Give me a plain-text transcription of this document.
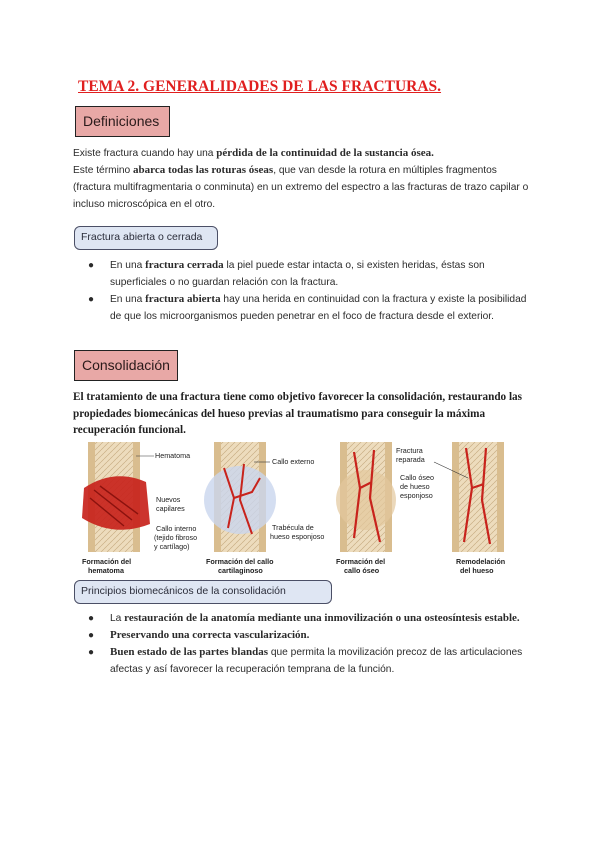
TEMA 2. GENERALIDADES DE LAS FRACTURAS.
Definiciones
Existe fractura cuando hay una pérdida de la continuidad de la sustancia ósea.
Este término abarca todas las roturas óseas, que van desde la rotura en múltiples fragmentos (fractura multifragmentaria o conminuta) en un extremo del espectro a las fracturas de trazo capilar o incluso microscópica en el otro.
Fractura abierta o cerrada
● En una fractura cerrada la piel puede estar intacta o, si existen heridas, éstas son superficiales o no guardan relación con la fractura.
● En una fractura abierta hay una herida en continuidad con la fractura y existe la posibilidad de que los microorganismos pueden penetrar en el foco de fractura desde el exterior.
Consolidación
El tratamiento de una fractura tiene como objetivo favorecer la consolidación, restaurando las propiedades biomecánicas del hueso previas al traumatismo para conseguir la máxima recuperación funcional.
Hematoma
Nuevos
capilares
Callo interno
(tejido fibroso
y cartílago)
Formación del
hematoma
Callo externo
Trabécula de
hueso esponjoso
Formación del callo
cartilaginoso
Formación del
callo óseo
Fractura
reparada
Callo óseo
de hueso
esponjoso
Remodelación
del hueso
Principios biomecánicos de la consolidación
● La restauración de la anatomía mediante una inmovilización o una osteosíntesis estable.
● Preservando una correcta vascularización.
● Buen estado de las partes blandas que permita la movilización precoz de las articulaciones afectas y así favorecer la recuperación temprana de la función.
